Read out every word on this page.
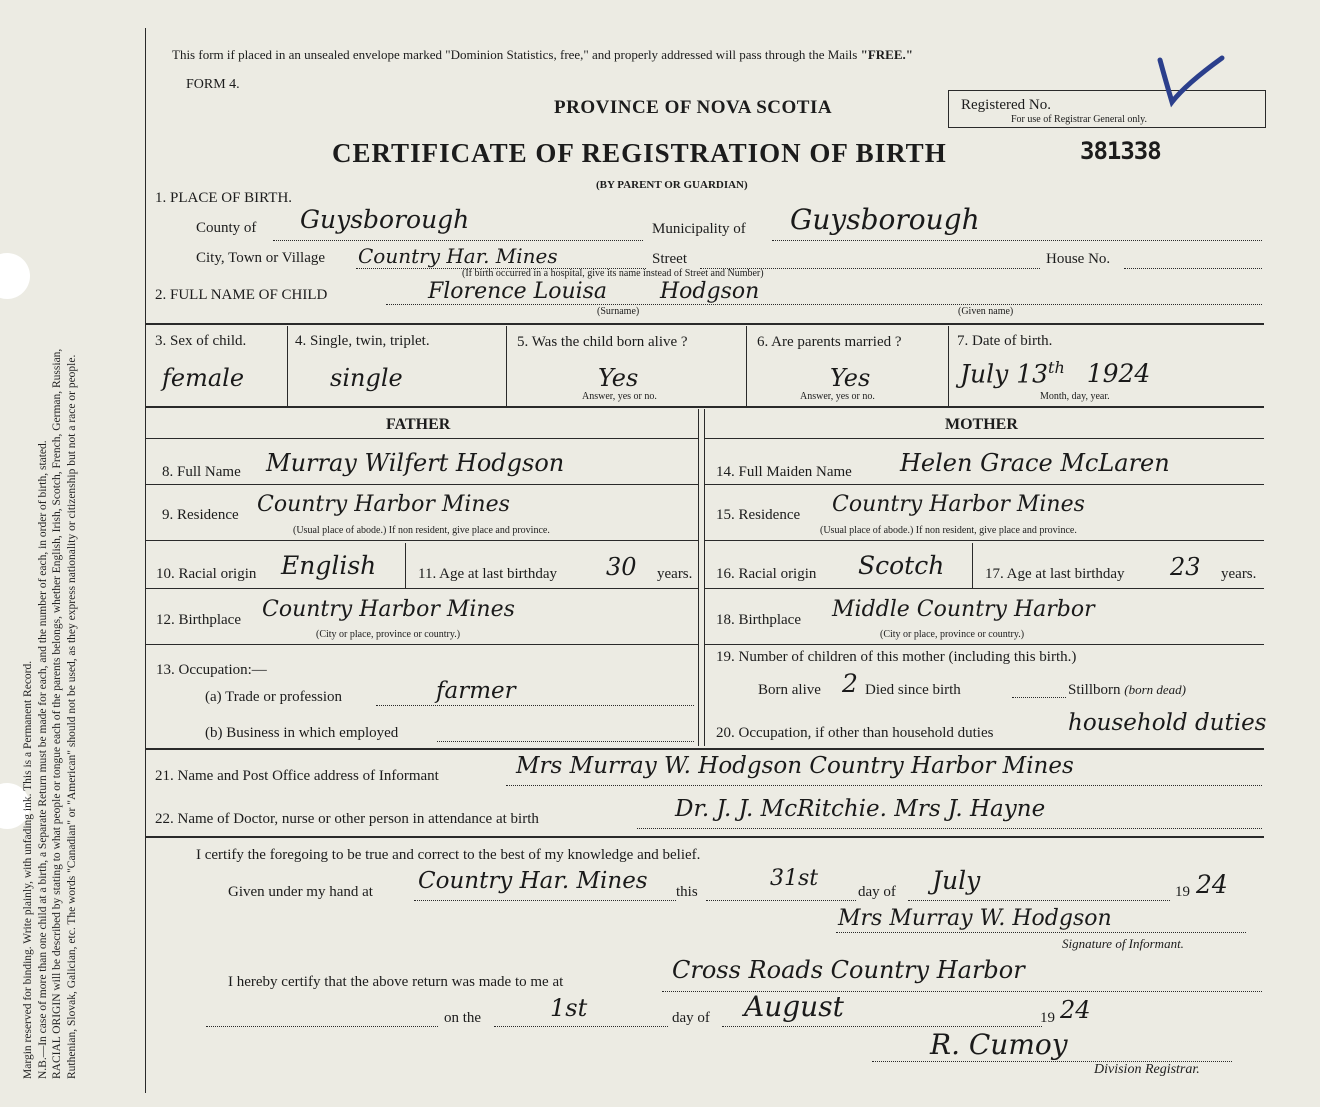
Margin reserved for binding. Write plainly, with unfading ink. This is a Permanent Record. N.B.—In case of more than one child at a birth, a Separate Return must be made for each, and the number of each, in order of birth, stated. RACIAL ORIGIN will be described by stating to what people or tongue each of the parents belongs, whether English, Irish, Scotch, French, German, Russian, Ruthenian, Slovak, Galician, etc. The words "Canadian" or "American" should not be used, as they express nationality or citizenship but not a race or people.
This form if placed in an unsealed envelope marked "Dominion Statistics, free," and properly addressed will pass through the Mails "FREE."
FORM 4.
PROVINCE OF NOVA SCOTIA
CERTIFICATE OF REGISTRATION OF BIRTH
(BY PARENT OR GUARDIAN)
Registered No.
For use of Registrar General only.
381338
1. PLACE OF BIRTH.
County of Guysborough	Municipality of Guysborough
City, Town or Village Country Har. Mines	Street	House No.
(If birth occurred in a hospital, give its name instead of Street and Number)
2. FULL NAME OF CHILD	Florence Louisa Hodgson
(Surname)	(Given name)
3. Sex of child.
female
4. Single, twin, triplet.
single
5. Was the child born alive ?
Yes
Answer, yes or no.
6. Are parents married ?
Yes
Answer, yes or no.
7. Date of birth.
July 13th 1924
Month, day, year.
FATHER	MOTHER
8. Full Name Murray Wilfert Hodgson
9. Residence Country Harbor Mines
(Usual place of abode.) If non resident, give place and province.
10. Racial origin English	11. Age at last birthday 30 years.
12. Birthplace Country Harbor Mines
(City or place, province or country.)
13. Occupation:—
(a) Trade or profession	farmer
(b) Business in which employed
14. Full Maiden Name Helen Grace McLaren
15. Residence Country Harbor Mines
(Usual place of abode.) If non resident, give place and province.
16. Racial origin Scotch	17. Age at last birthday 23 years.
18. Birthplace Middle Country Harbor
(City or place, province or country.)
19. Number of children of this mother (including this birth.)
Born alive 2 Died since birth	Stillborn (born dead)
20. Occupation, if other than household duties	household duties
21. Name and Post Office address of Informant	Mrs Murray W. Hodgson Country Harbor Mines
22. Name of Doctor, nurse or other person in attendance at birth	Dr. J. J. McRitchie. Mrs J. Hayne
I certify the foregoing to be true and correct to the best of my knowledge and belief.
Given under my hand at Country Har. Mines this
31st
day of July	19 24
Mrs Murray W. Hodgson
Signature of Informant.
I hereby certify that the above return was made to me at	Cross Roads Country Harbor
on the	1st	day of August	19 24
R. Cumoy
Division Registrar.
